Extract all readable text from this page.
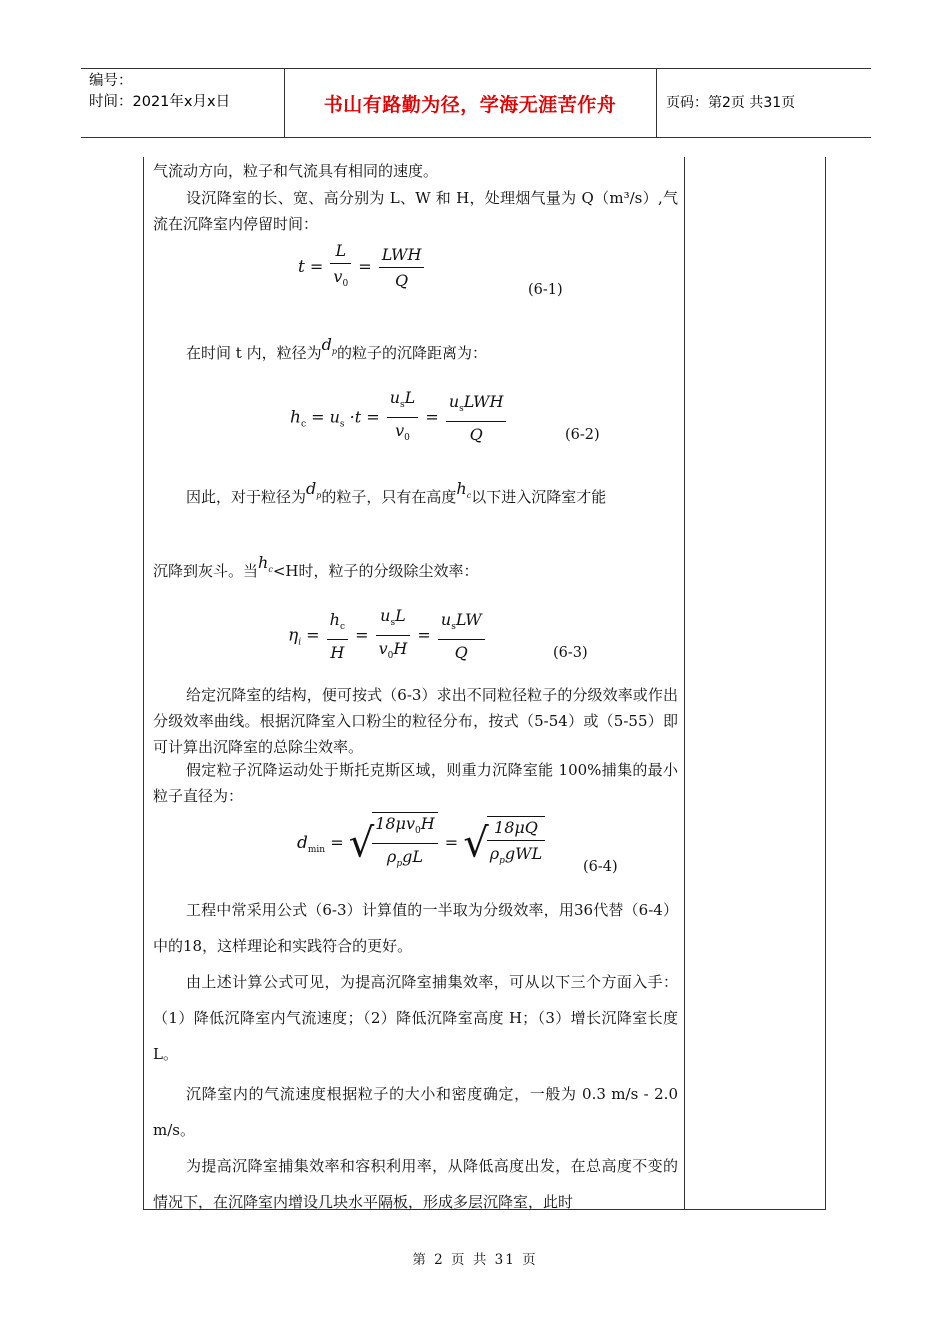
编号：
时间：2021年x月x日	书山有路勤为径，学海无涯苦作舟	页码：第2页 共31页

气流动方向，粒子和气流具有相同的速度。

设沉降室的长、宽、高分别为 L、W 和 H，处理烟气量为 Q（m³/s）,气流在沉降室内停留时间：

$t = \frac{L}{v_0} = \frac{\text{LWH}}{Q}$	(6-1)
在时间 t 内，粒径为$d_p$的粒子的沉降距离为：
$h_c = u_s \cdot t = \frac{u_sL}{v_0} = \frac{u_sLWH}{Q}$	(6-2)
因此，对于粒径为$d_p$的粒子，只有在高度$h_c$以下进入沉降室才能
沉降到灰斗。当$h_c<H$时，粒子的分级除尘效率：
$\eta_i = \frac{h_c}{H} = \frac{u_sL}{v_0H} = \frac{u_sLW}{Q}$	(6-3)

给定沉降室的结构，便可按式（6-3）求出不同粒径粒子的分级效率或作出分级效率曲线。根据沉降室入口粉尘的粒径分布，按式（5-54）或（5-55）即可计算出沉降室的总除尘效率。

假定粒子沉降运动处于斯托克斯区域，则重力沉降室能 100%捕集的最小粒子直径为：

$d_{min}$ = √
$\frac{18\mu v_0H}{\rho_pgL}$ = √
$\frac{18\mu Q}{\rho_pgWL}$	(6-4)

工程中常采用公式（6-3）计算值的一半取为分级效率，用36代替（6-4）中的18，这样理论和实践符合的更好。

由上述计算公式可见，为提高沉降室捕集效率，可从以下三个方面入手：（1）降低沉降室内气流速度；（2）降低沉降室高度 H；（3）增长沉降室长度 L。

沉降室内的气流速度根据粒子的大小和密度确定，一般为 0.3 m/s - 2.0 m/s。

为提高沉降室捕集效率和容积利用率，从降低高度出发，在总高度不变的情况下，在沉降室内增设几块水平隔板，形成多层沉降室，此时

第 2 页 共 31 页
